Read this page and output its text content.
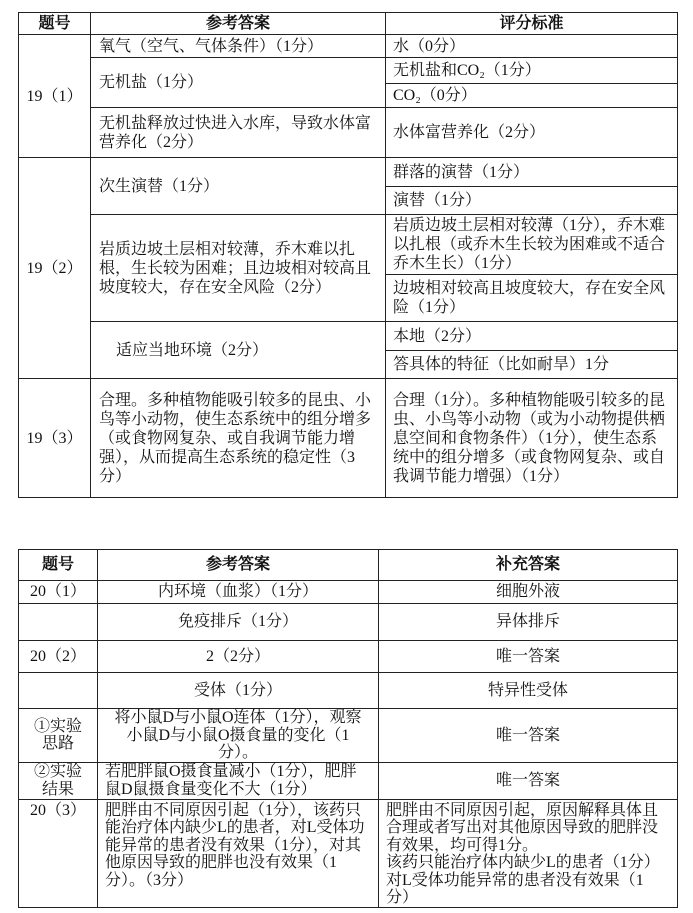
题号	参考答案	评分标准
19（1）	氧气（空气、气体条件）（1分）	水（0分）
	无机盐（1分）	无机盐和CO₂（1分）
		CO₂（0分）
	无机盐释放过快进入水库，导致水体富营养化（2分）	水体富营养化（2分）
19（2）	次生演替（1分）	群落的演替（1分）
		演替（1分）
	岩质边坡土层相对较薄，乔木难以扎根，生长较为困难；且边坡相对较高且坡度较大，存在安全风险（2分）	岩质边坡土层相对较薄（1分），乔木难以扎根（或乔木生长较为困难或不适合乔木生长）（1分）
		边坡相对较高且坡度较大，存在安全风险（1分）
	适应当地环境（2分）	本地（2分）
		答具体的特征（比如耐旱）1分
19（3）	合理。多种植物能吸引较多的昆虫、小鸟等小动物，使生态系统中的组分增多（或食物网复杂、或自我调节能力增强），从而提高生态系统的稳定性（3分）	合理（1分）。多种植物能吸引较多的昆虫、小鸟等小动物（或为小动物提供栖息空间和食物条件）（1分），使生态系统中的组分增多（或食物网复杂、或自我调节能力增强）（1分）
题号	参考答案	补充答案
20（1）	内环境（血浆）（1分）	细胞外液
	免疫排斥（1分）	异体排斥
20（2）	2（2分）	唯一答案
	受体（1分）	特异性受体
①实验思路	将小鼠D与小鼠O连体（1分），观察小鼠D与小鼠O摄食量的变化（1分）。	唯一答案
②实验结果	若肥胖鼠O摄食量减小（1分），肥胖鼠D鼠摄食量变化不大（1分）	唯一答案
20（3）	肥胖由不同原因引起（1分），该药只能治疗体内缺少L的患者，对L受体功能异常的患者没有效果（1分），对其他原因导致的肥胖也没有效果（1分）。（3分）	肥胖由不同原因引起，原因解释具体且合理或者写出对其他原因导致的肥胖没有效果，均可得1分。
该药只能治疗体内缺少L的患者（1分）
对L受体功能异常的患者没有效果（1分）
